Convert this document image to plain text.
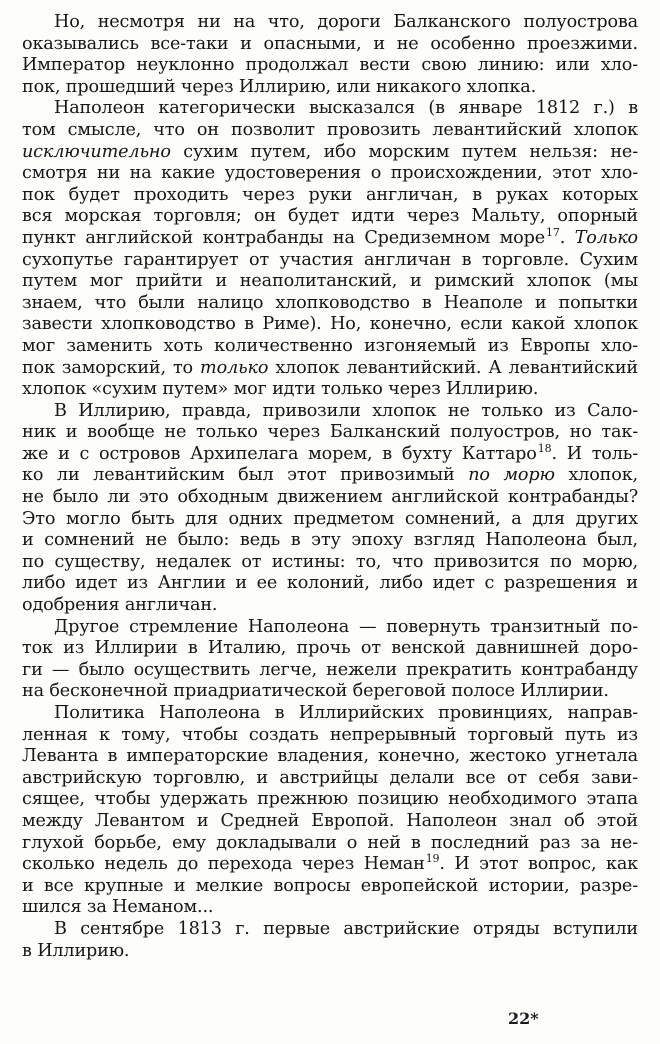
Но, несмотря ни на что, дороги Балканского полуострова
оказывались все-таки и опасными, и не особенно проезжими.
Император неуклонно продолжал вести свою линию: или хло-
пок, прошедший через Иллирию, или никакого хлопка.
Наполеон категорически высказался (в январе 1812 г.) в
том смысле, что он позволит провозить левантийский хлопок
исключительно сухим путем, ибо морским путем нельзя: не-
смотря ни на какие удостоверения о происхождении, этот хло-
пок будет проходить через руки англичан, в руках которых
вся морская торговля; он будет идти через Мальту, опорный
пункт английской контрабанды на Средиземном море$^{17}$. Только
сухопутье гарантирует от участия англичан в торговле. Сухим
путем мог прийти и неаполитанский, и римский хлопок (мы
знаем, что были налицо хлопководство в Неаполе и попытки
завести хлопководство в Риме). Но, конечно, если какой хлопок
мог заменить хоть количественно изгоняемый из Европы хло-
пок заморский, то только хлопок левантийский. А левантийский
хлопок «сухим путем» мог идти только через Иллирию.
В Иллирию, правда, привозили хлопок не только из Сало-
ник и вообще не только через Балканский полуостров, но так-
же и с островов Архипелага морем, в бухту Каттаро$^{18}$. И толь-
ко ли левантийским был этот привозимый по морю хлопок,
не было ли это обходным движением английской контрабанды?
Это могло быть для одних предметом сомнений, а для других
и сомнений не было: ведь в эту эпоху взгляд Наполеона был,
по существу, недалек от истины: то, что привозится по морю,
либо идет из Англии и ее колоний, либо идет с разрешения и
одобрения англичан.
Другое стремление Наполеона — повернуть транзитный по-
ток из Иллирии в Италию, прочь от венской давнишней доро-
ги — было осуществить легче, нежели прекратить контрабанду
на бесконечной приадриатической береговой полосе Иллирии.
Политика Наполеона в Иллирийских провинциях, направ-
ленная к тому, чтобы создать непрерывный торговый путь из
Леванта в императорские владения, конечно, жестоко угнетала
австрийскую торговлю, и австрийцы делали все от себя зави-
сящее, чтобы удержать прежнюю позицию необходимого этапа
между Левантом и Средней Европой. Наполеон знал об этой
глухой борьбе, ему докладывали о ней в последний раз за не-
сколько недель до перехода через Неман$^{19}$. И этот вопрос, как
и все крупные и мелкие вопросы европейской истории, разре-
шился за Неманом...
В сентябре 1813 г. первые австрийские отряды вступили
в Иллирию.
22*
